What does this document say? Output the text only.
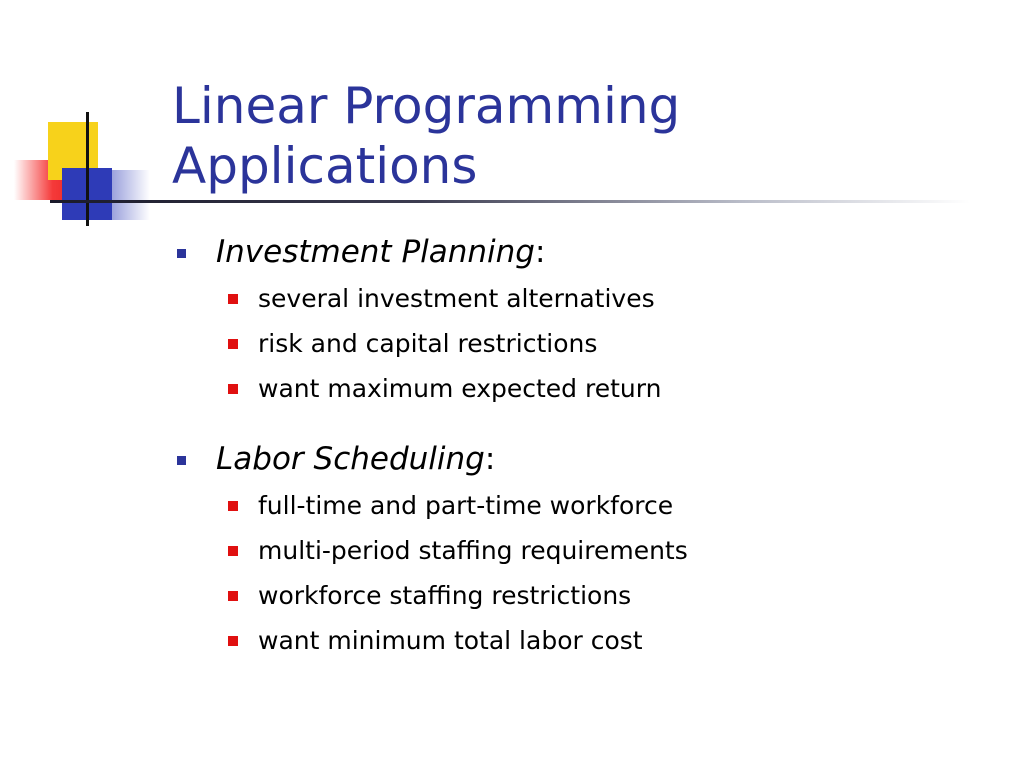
Linear Programming
Applications
Investment Planning:
several investment alternatives
risk and capital restrictions
want maximum expected return
Labor Scheduling:
full-time and part-time workforce
multi-period staffing requirements
workforce staffing restrictions
want minimum total labor cost
